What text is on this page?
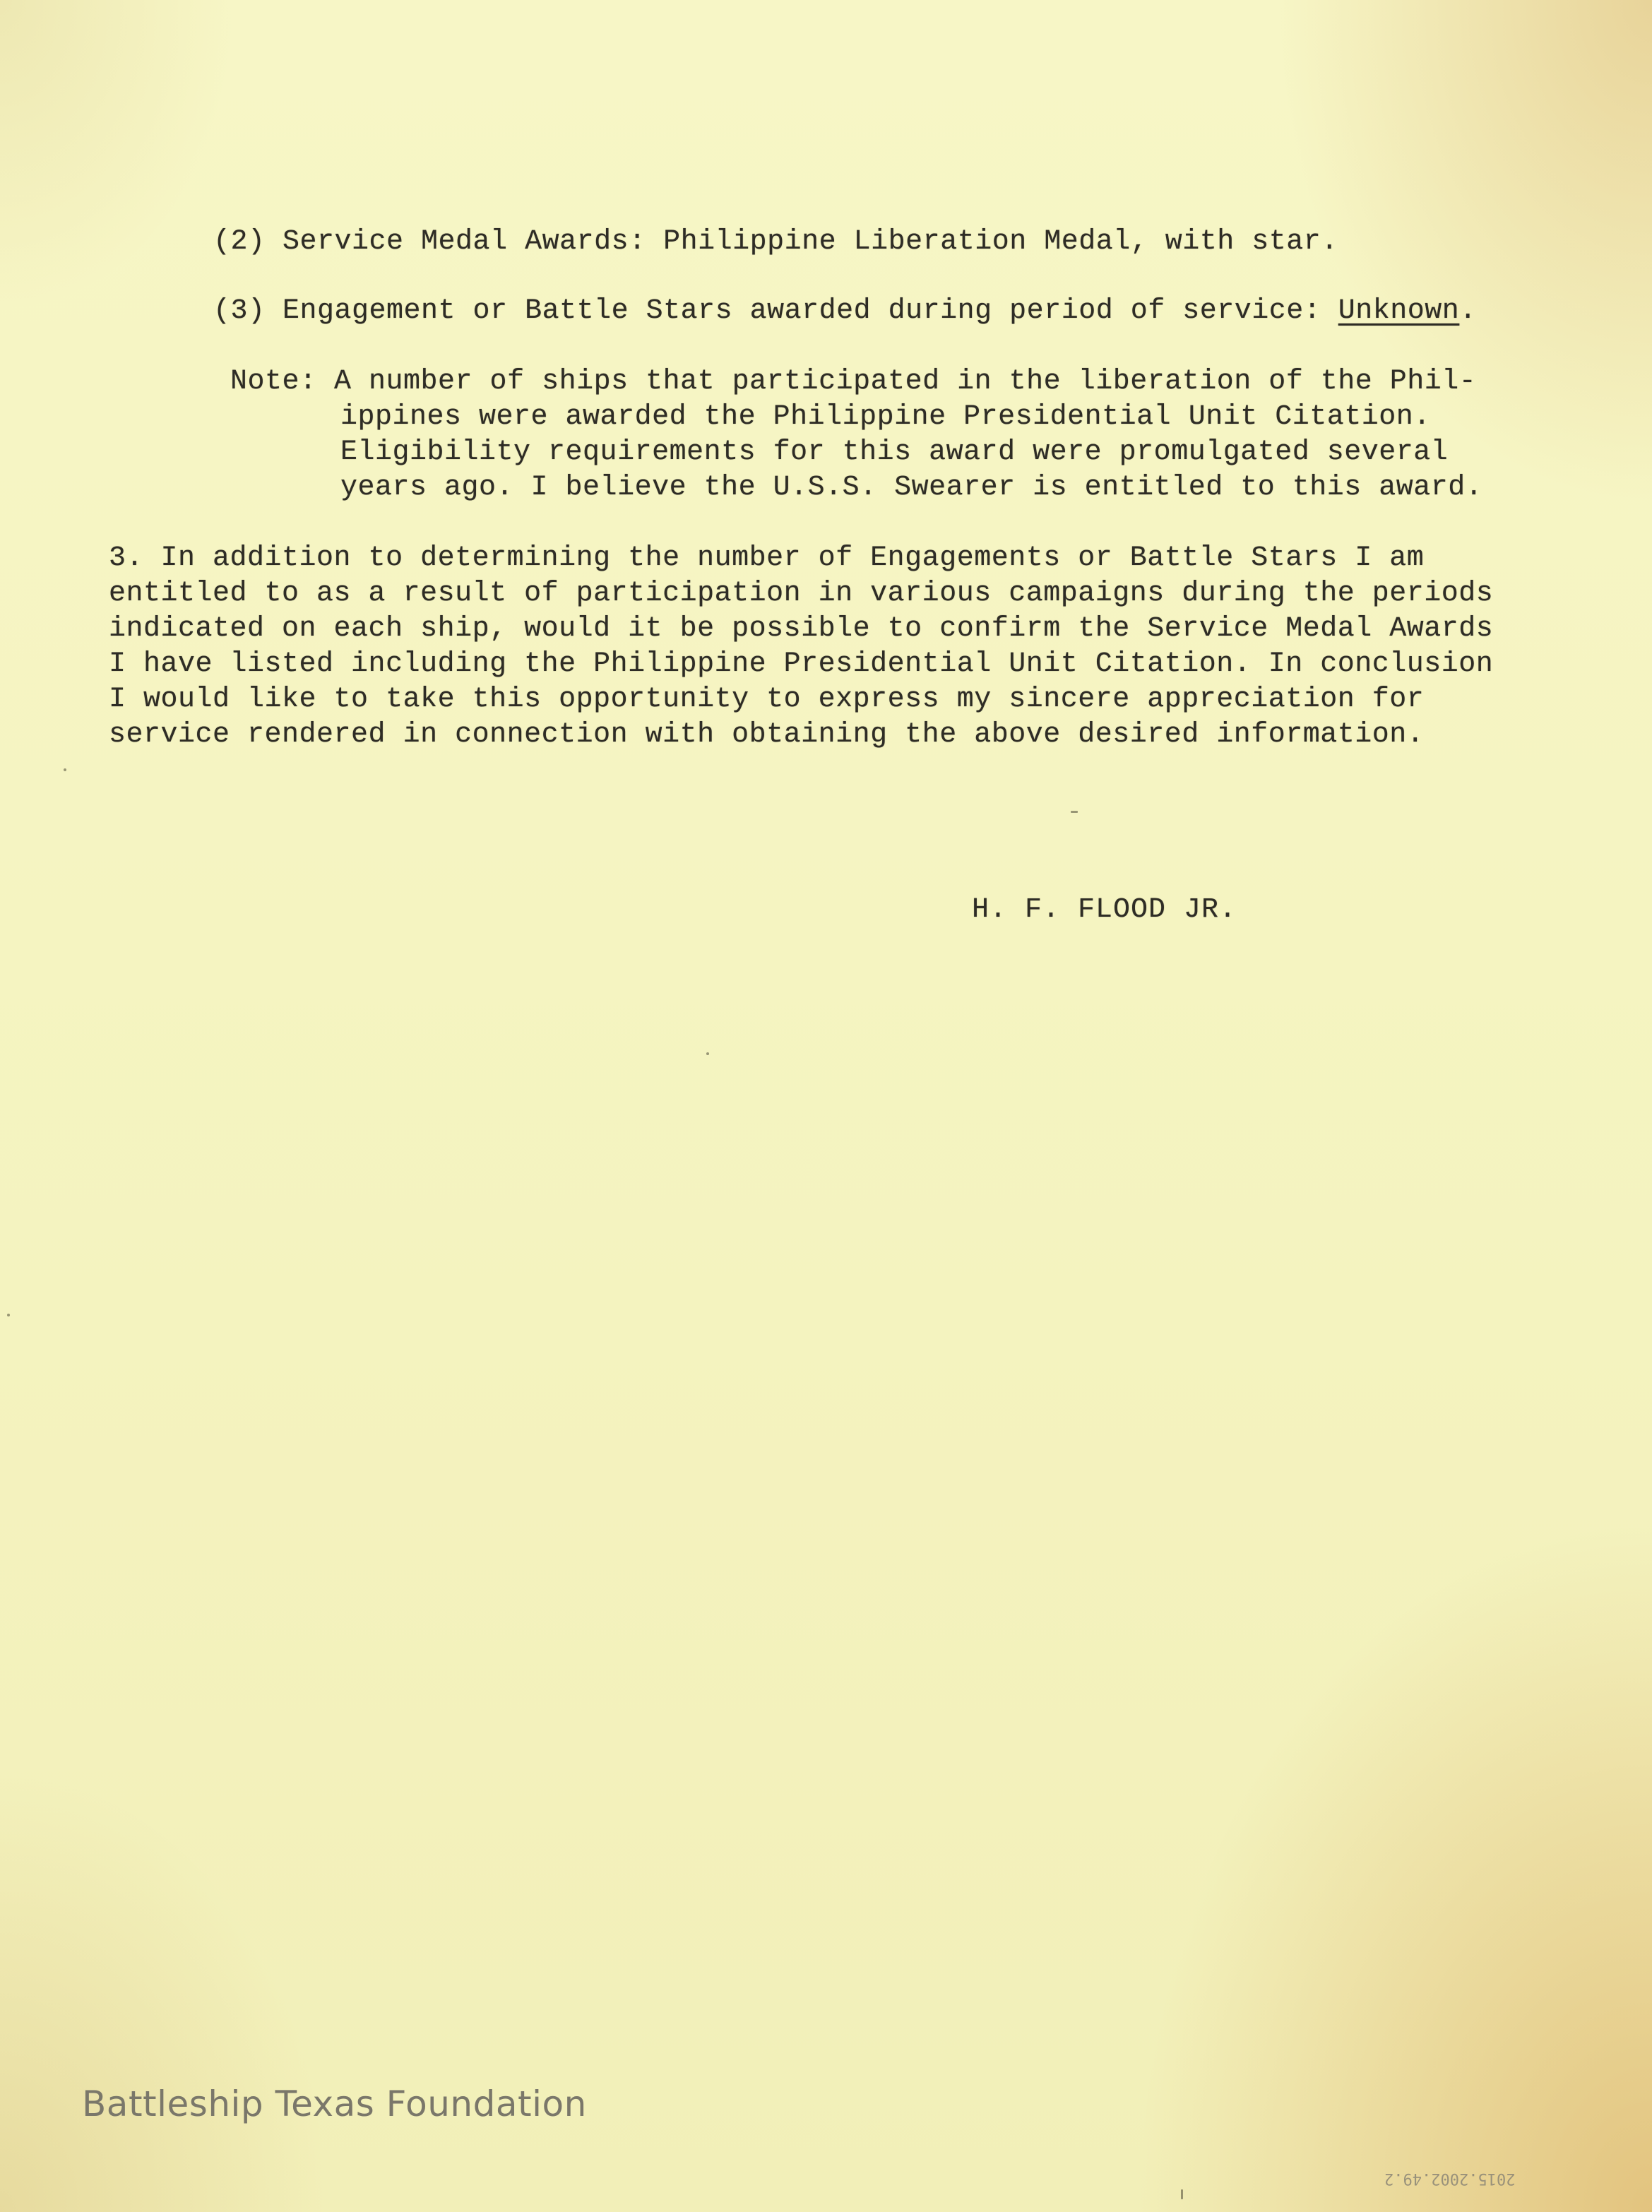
(2) Service Medal Awards: Philippine Liberation Medal, with star.
(3) Engagement or Battle Stars awarded during period of service: Unknown.
Note: A number of ships that participated in the liberation of the Phil-
ippines were awarded the Philippine Presidential Unit Citation.
Eligibility requirements for this award were promulgated several
years ago. I believe the U.S.S. Swearer is entitled to this award.
3. In addition to determining the number of Engagements or Battle Stars I am
entitled to as a result of participation in various campaigns during the periods
indicated on each ship, would it be possible to confirm the Service Medal Awards
I have listed including the Philippine Presidential Unit Citation. In conclusion
I would like to take this opportunity to express my sincere appreciation for
service rendered in connection with obtaining the above desired information.
H. F. FLOOD JR.
Battleship Texas Foundation
2015.2002.49.2
